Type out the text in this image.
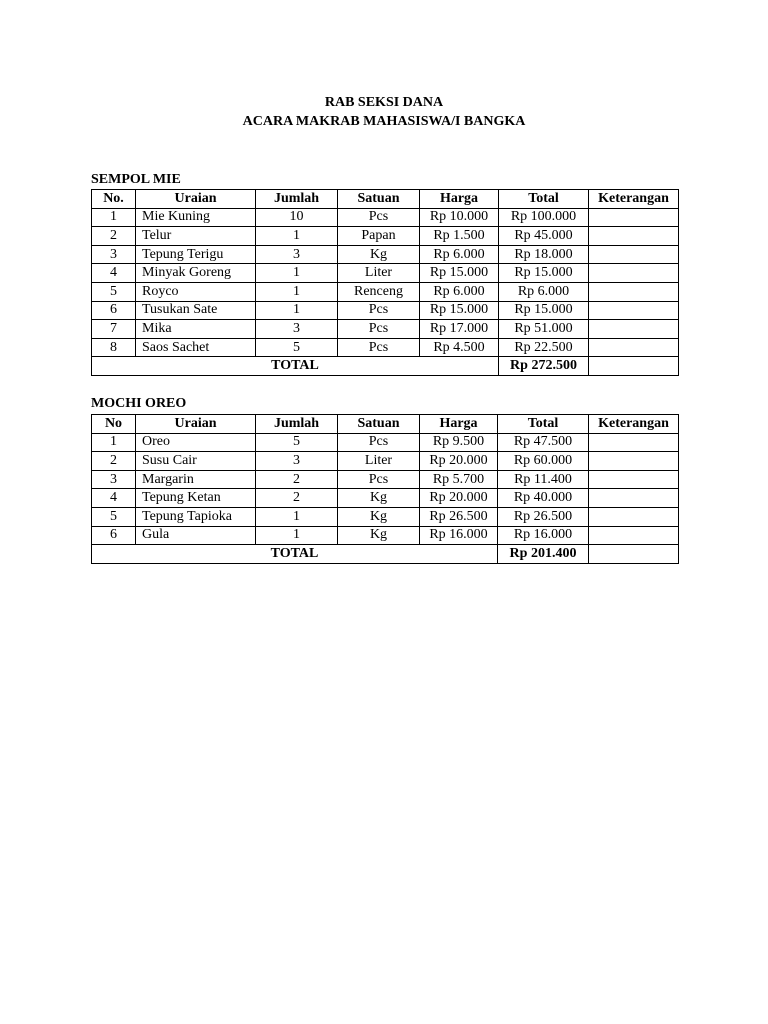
RAB SEKSI DANA
ACARA MAKRAB MAHASISWA/I BANGKA
SEMPOL MIE
No.	Uraian	Jumlah	Satuan	Harga	Total	Keterangan
1	Mie Kuning	10	Pcs	Rp 10.000	Rp 100.000	
2	Telur	1	Papan	Rp 1.500	Rp 45.000	
3	Tepung Terigu	3	Kg	Rp 6.000	Rp 18.000	
4	Minyak Goreng	1	Liter	Rp 15.000	Rp 15.000	
5	Royco	1	Renceng	Rp 6.000	Rp 6.000	
6	Tusukan Sate	1	Pcs	Rp 15.000	Rp 15.000	
7	Mika	3	Pcs	Rp 17.000	Rp 51.000	
8	Saos Sachet	5	Pcs	Rp 4.500	Rp 22.500	
TOTAL					Rp 272.500	
MOCHI OREO
No	Uraian	Jumlah	Satuan	Harga	Total	Keterangan
1	Oreo	5	Pcs	Rp 9.500	Rp 47.500	
2	Susu Cair	3	Liter	Rp 20.000	Rp 60.000	
3	Margarin	2	Pcs	Rp 5.700	Rp 11.400	
4	Tepung Ketan	2	Kg	Rp 20.000	Rp 40.000	
5	Tepung Tapioka	1	Kg	Rp 26.500	Rp 26.500	
6	Gula	1	Kg	Rp 16.000	Rp 16.000	
TOTAL					Rp 201.400	
